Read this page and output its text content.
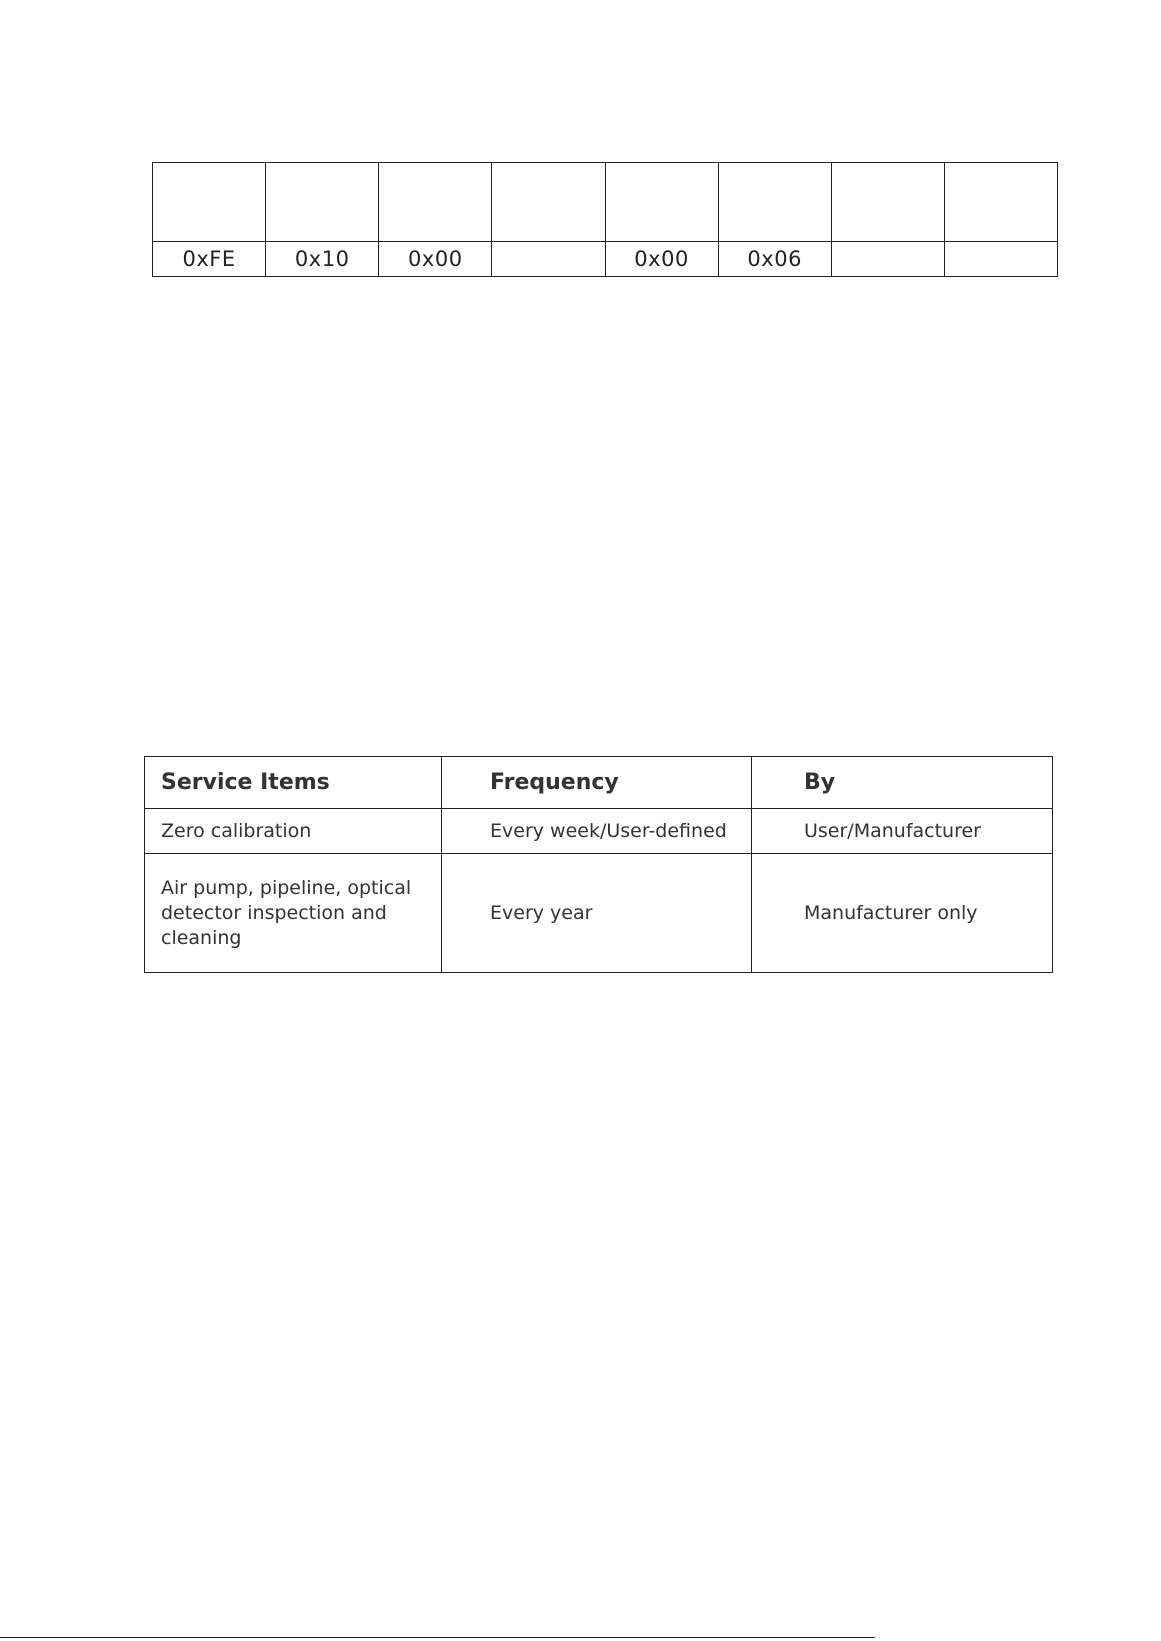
0xFE	0x10	0x00		0x00	0x06		
Service Items	Frequency	By
Zero calibration	Every week/User-defined	User/Manufacturer
Air pump, pipeline, optical detector inspection and cleaning	Every year	Manufacturer only
